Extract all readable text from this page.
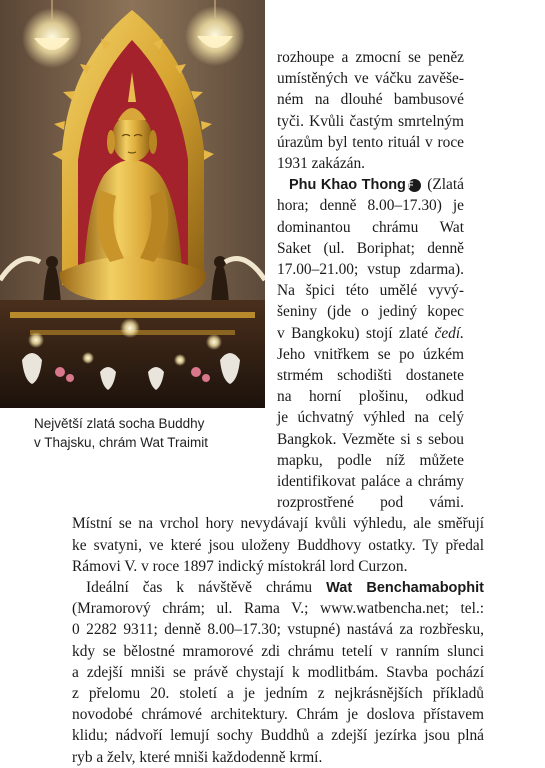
Největší zlatá socha Buddhy
v Thajsku, chrám Wat Traimit
rozhoupe a zmocní se peněz
umístěných ve váčku zavěše-
ném na dlouhé bambusové
tyči. Kvůli častým smrtelným
úrazům byl tento rituál v roce
1931 zakázán.
Phu Khao Thong F (Zlatá
hora; denně 8.00–17.30) je
dominantou chrámu Wat
Saket (ul. Boriphat; denně
17.00–21.00; vstup zdarma).
Na špici této umělé vyvý-
šeniny (jde o jediný kopec
v Bangkoku) stojí zlaté čedí.
Jeho vnitřkem se po úzkém
strmém schodišti dostanete
na horní plošinu, odkud
je úchvatný výhled na celý
Bangkok. Vezměte si s sebou
mapku, podle níž můžete
identifikovat paláce a chrámy
rozprostřené pod vámi.
Místní se na vrchol hory nevydávají kvůli výhledu, ale směřují
ke svatyni, ve které jsou uloženy Buddhovy ostatky. Ty předal
Rámovi V. v roce 1897 indický místokrál lord Curzon.
Ideální čas k návštěvě chrámu Wat Benchamabophit
(Mramorový chrám; ul. Rama V.; www.watbencha.net; tel.:
0 2282 9311; denně 8.00–17.30; vstupné) nastává za rozbřesku,
kdy se bělostné mramorové zdi chrámu tetelí v ranním slunci
a zdejší mniši se právě chystají k modlitbám. Stavba pochází
z přelomu 20. století a je jedním z nejkrásnějších příkladů
novodobé chrámové architektury. Chrám je doslova přístavem
klidu; nádvoří lemují sochy Buddhů a zdejší jezírka jsou plná
ryb a želv, které mniši každodenně krmí.
